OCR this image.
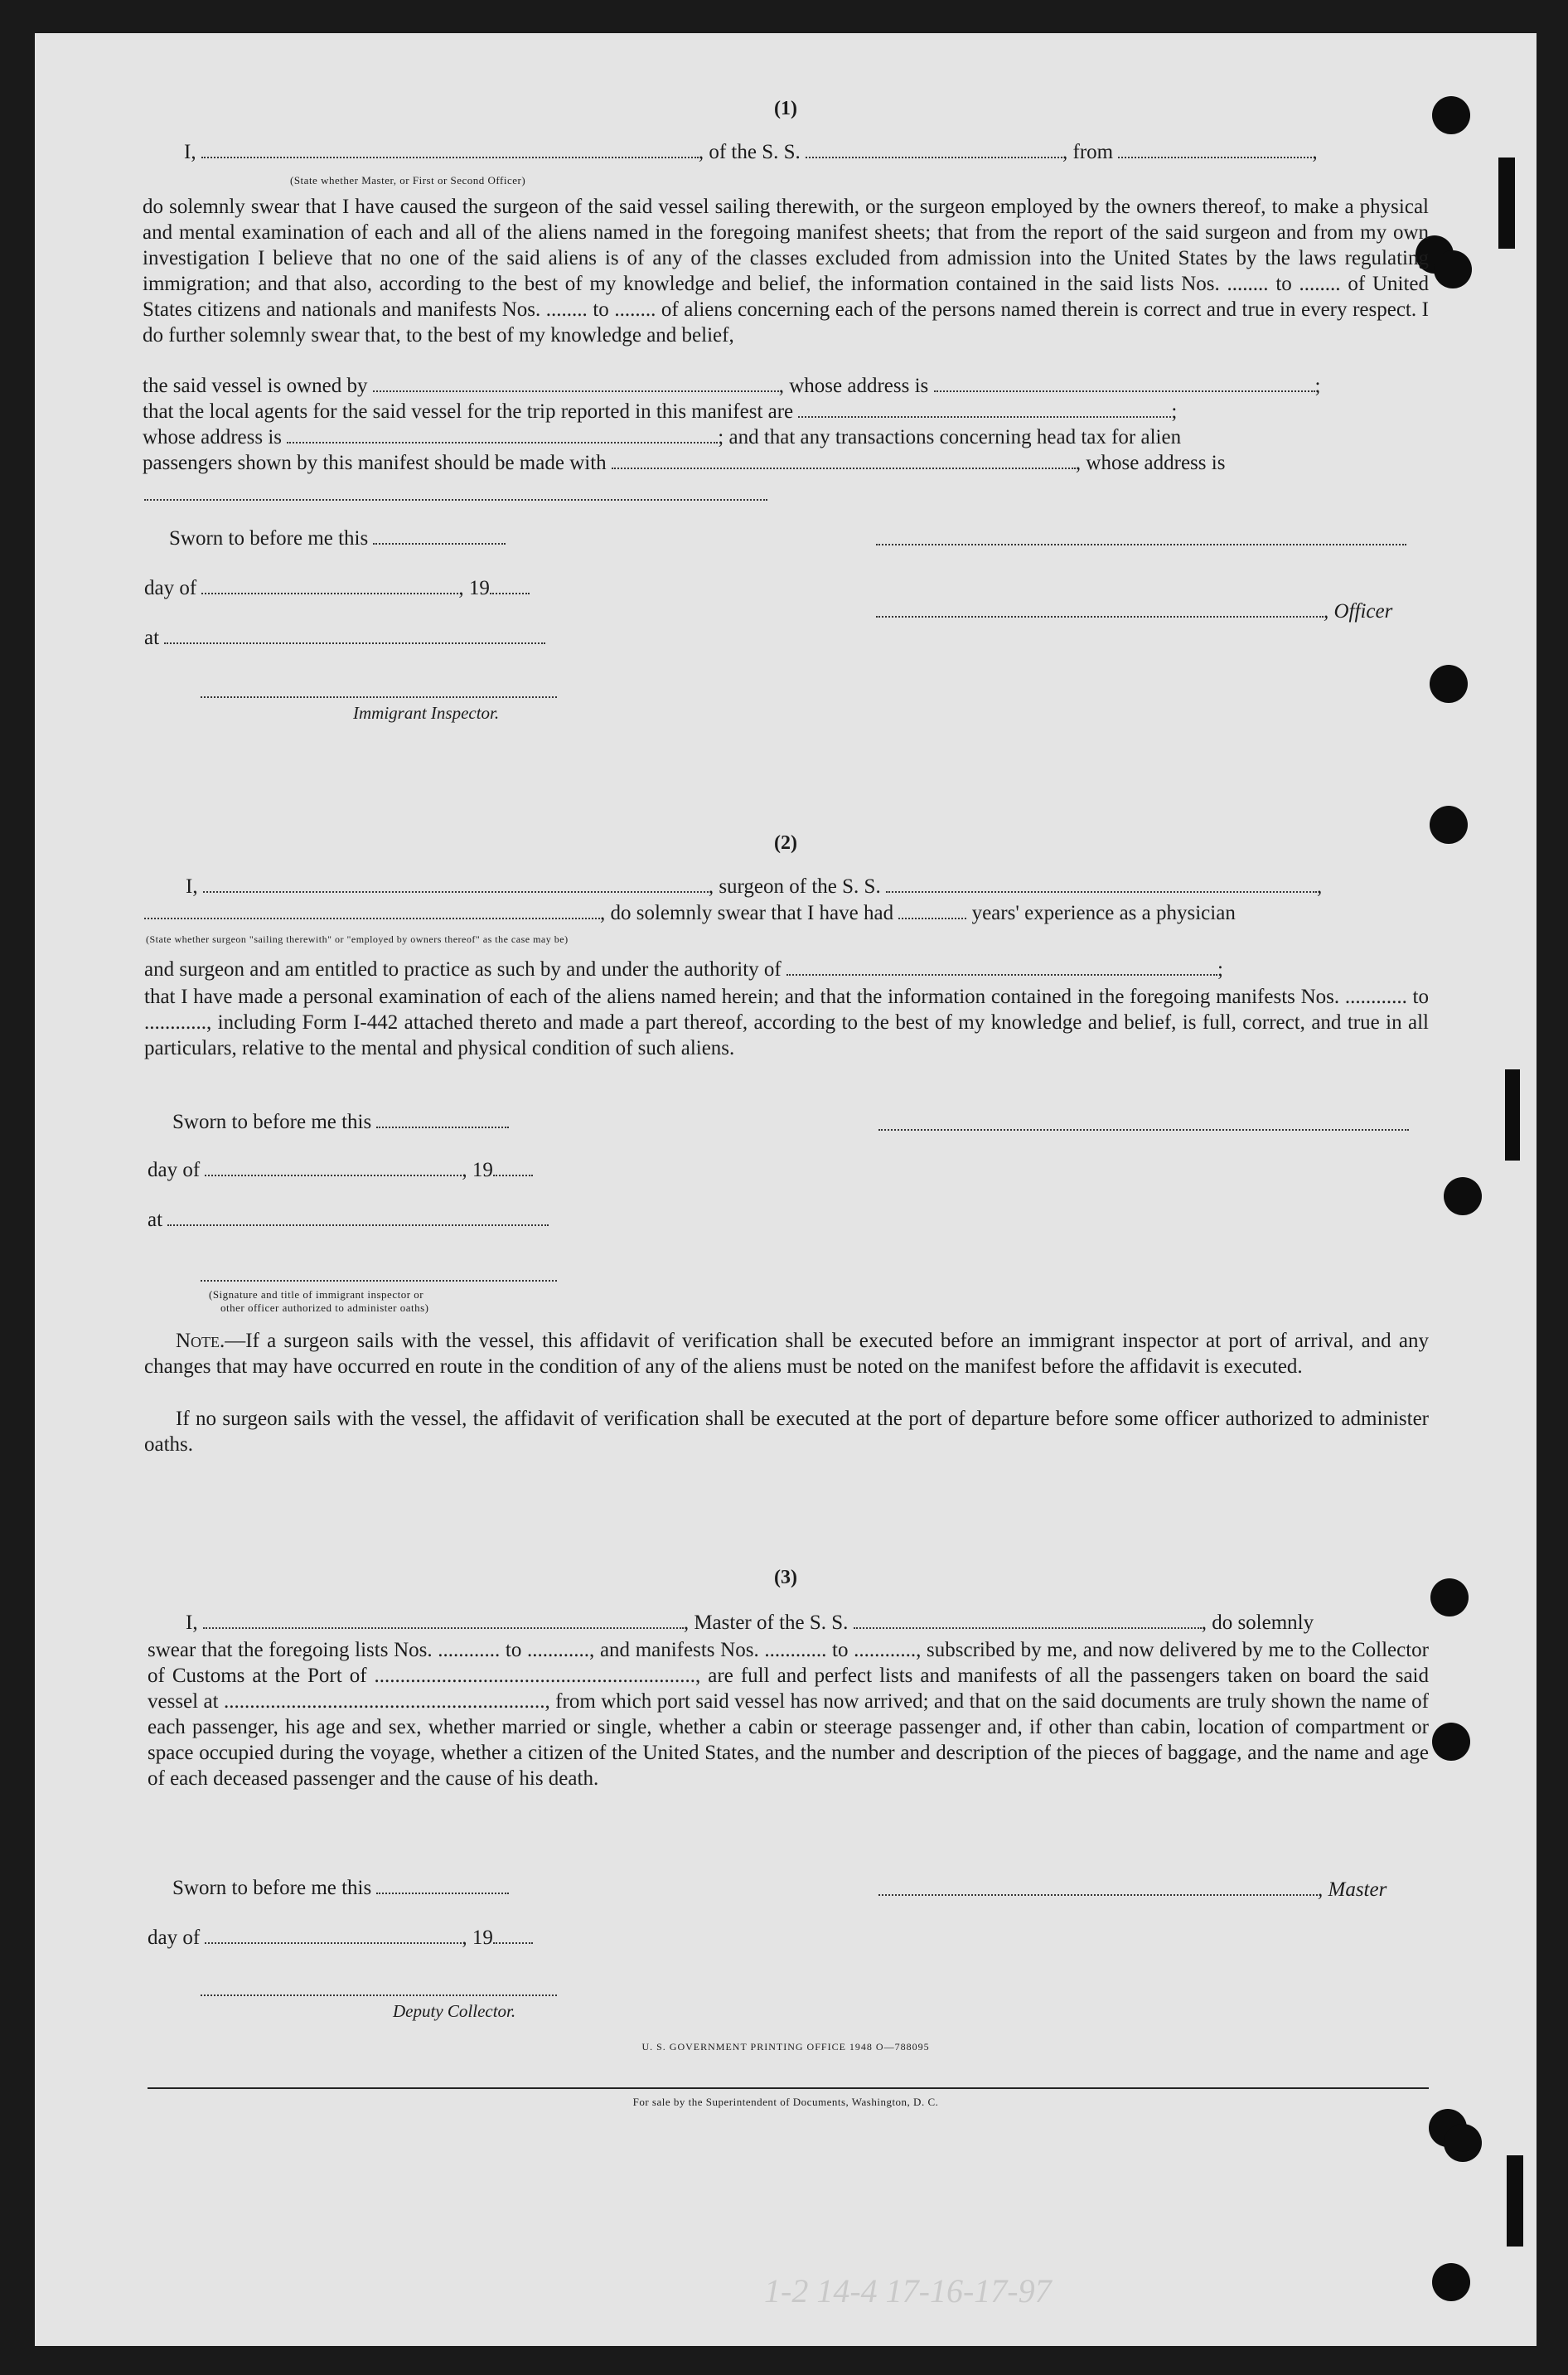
(1)
I,	, of the S. S.	, from	,
(State whether Master, or First or Second Officer)
do solemnly swear that I have caused the surgeon of the said vessel sailing therewith, or the surgeon employed by the owners thereof, to make a physical and mental examination of each and all of the aliens named in the foregoing manifest sheets; that from the report of the said surgeon and from my own investigation I believe that no one of the said aliens is of any of the classes excluded from admission into the United States by the laws regulating immigration; and that also, according to the best of my knowledge and belief, the information contained in the said lists Nos. ........ to ........ of United States citizens and nationals and manifests Nos. ........ to ........ of aliens concerning each of the persons named therein is correct and true in every respect. I do further solemnly swear that, to the best of my knowledge and belief,
the said vessel is owned by	, whose address is	;
that the local agents for the said vessel for the trip reported in this manifest are	;
whose address is	; and that any transactions concerning head tax for alien
passengers shown by this manifest should be made with	, whose address is
Sworn to before me this
day of	, 19
, Officer
at
Immigrant Inspector.
(2)
I,	, surgeon of the S. S.	,
, do solemnly swear that I have had	years' experience as a physician
(State whether surgeon "sailing therewith" or "employed by owners thereof" as the case may be)
and surgeon and am entitled to practice as such by and under the authority of	;
that I have made a personal examination of each of the aliens named herein; and that the information contained in the foregoing manifests Nos. ............ to ............, including Form I-442 attached thereto and made a part thereof, according to the best of my knowledge and belief, is full, correct, and true in all particulars, relative to the mental and physical condition of such aliens.
Sworn to before me this
day of	, 19
at
(Signature and title of immigrant inspector or
other officer authorized to administer oaths)
Note.—If a surgeon sails with the vessel, this affidavit of verification shall be executed before an immigrant inspector at port of arrival, and any changes that may have occurred en route in the condition of any of the aliens must be noted on the manifest before the affidavit is executed.
If no surgeon sails with the vessel, the affidavit of verification shall be executed at the port of departure before some officer authorized to administer oaths.
(3)
I,	, Master of the S. S.	, do solemnly
swear that the foregoing lists Nos. ............ to ............, and manifests Nos. ............ to ............, subscribed by me, and now delivered by me to the Collector of Customs at the Port of .............................................................., are full and perfect lists and manifests of all the passengers taken on board the said vessel at .............................................................., from which port said vessel has now arrived; and that on the said documents are truly shown the name of each passenger, his age and sex, whether married or single, whether a cabin or steerage passenger and, if other than cabin, location of compartment or space occupied during the voyage, whether a citizen of the United States, and the number and description of the pieces of baggage, and the name and age of each deceased passenger and the cause of his death.
Sworn to before me this	, Master
day of	, 19
Deputy Collector.
U. S. GOVERNMENT PRINTING OFFICE 1948 O—788095
For sale by the Superintendent of Documents, Washington, D. C.
1-2 14-4 17-16-17-97
